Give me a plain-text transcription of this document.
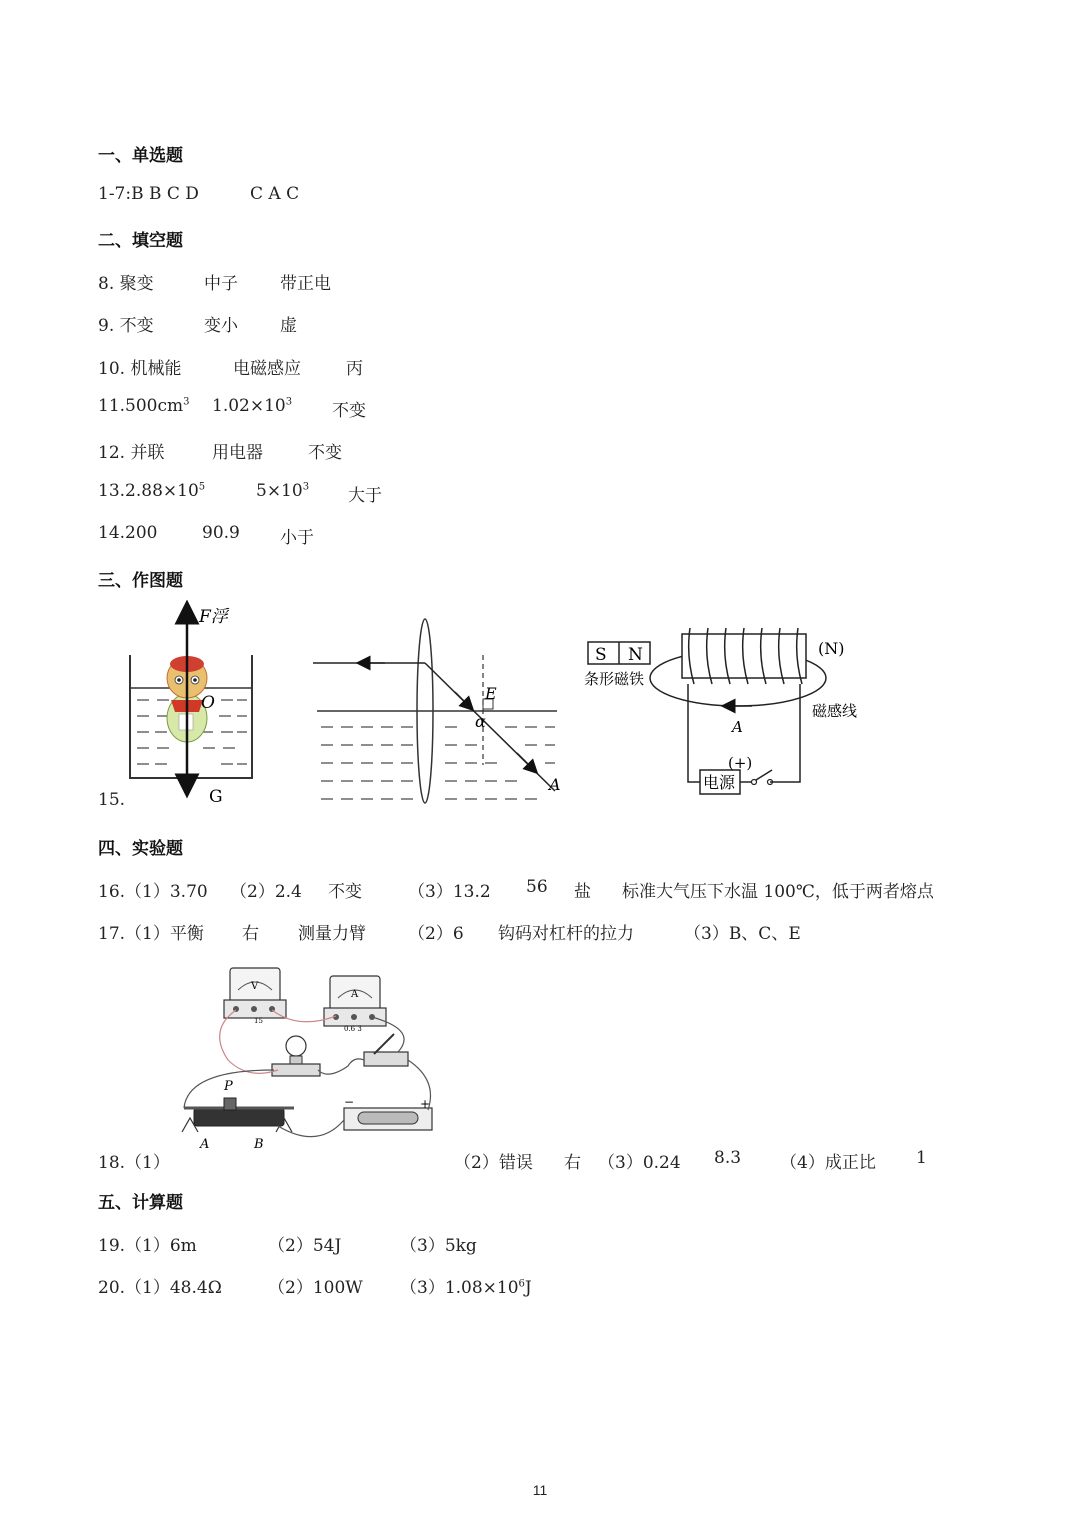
一、单选题
1-7:B B C D	C A C
二、填空题
8. 聚变	中子 带正电
9. 不变	变小 虚
10. 机械能	电磁感应	丙
$11.500cm^3$ $1.02\times 10^3$ 不变
12. 并联	用电器	不变
$13.2.88\times 10^5$	$5\times 10^3$ 大于
14.200	90.9 小于
三、作图题
15.
F浮
O
G
E
α
A
S N
条形磁铁
(N)
磁感线
A
电源
(+)
四、实验题
16.（1）3.70 （2）2.4 不变	（3）13.2 56 盐 标准大气压下水温 100℃，低于两者熔点
17.（1）平衡 右 测量力臂 （2）6 钩码对杠杆的拉力	（3）B、C、E
V
15
A
0.6 3
−	+
P
A	B
18.（1）	（2）错误 右 （3）0.24 8.3 （4）成正比 1
五、计算题
19.（1）6m	（2）54J	（3）5kg
20.（1）48.4Ω	（2）100W $(3)1.08\times 10^6J$
11
